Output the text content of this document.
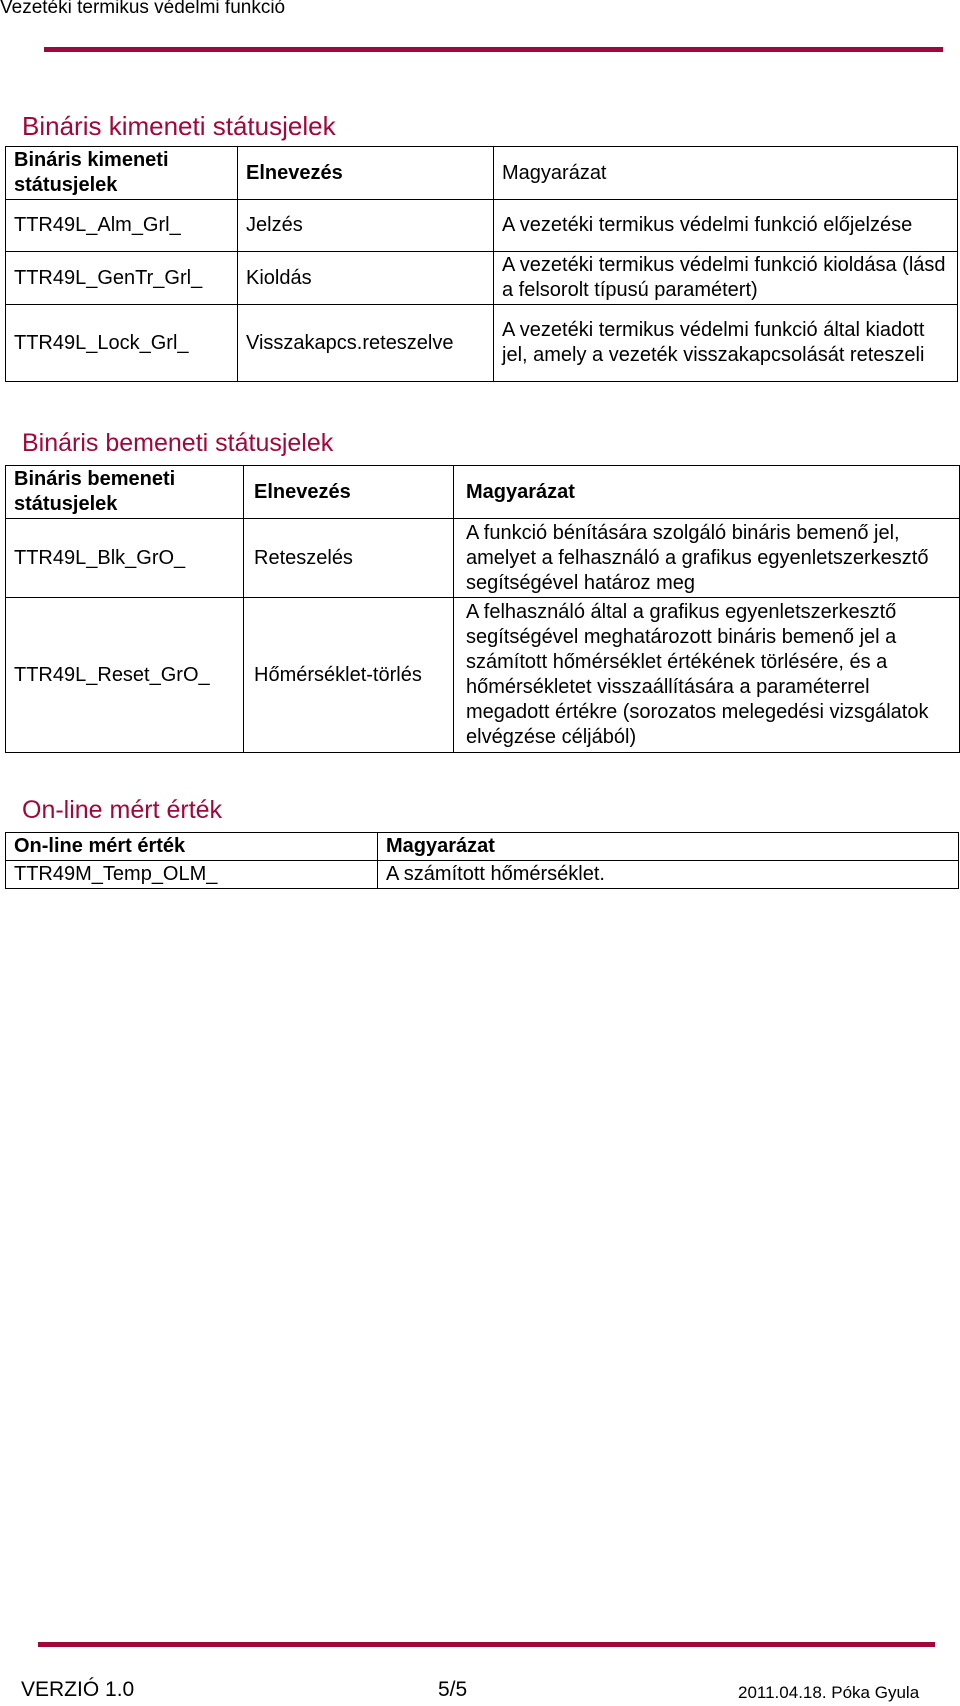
Vezetéki termikus védelmi funkció
Bináris kimeneti státusjelek
Bináris kimeneti státusjelek	Elnevezés	Magyarázat
TTR49L_Alm_Grl_	Jelzés	A vezetéki termikus védelmi funkció előjelzése
TTR49L_GenTr_Grl_	Kioldás	A vezetéki termikus védelmi funkció kioldása (lásd a felsorolt típusú paramétert)
TTR49L_Lock_Grl_	Visszakapcs.reteszelve	A vezetéki termikus védelmi funkció által kiadott jel, amely a vezeték visszakapcsolását reteszeli
Bináris bemeneti státusjelek
Bináris bemeneti státusjelek	Elnevezés	Magyarázat
TTR49L_Blk_GrO_	Reteszelés	A funkció bénítására szolgáló bináris bemenő jel, amelyet a felhasználó a grafikus egyenletszerkesztő segítségével határoz meg
TTR49L_Reset_GrO_	Hőmérséklet-törlés	A felhasználó által a grafikus egyenletszerkesztő segítségével meghatározott bináris bemenő jel a számított hőmérséklet értékének törlésére, és a hőmérsékletet visszaállítására a paraméterrel megadott értékre (sorozatos melegedési vizsgálatok elvégzése céljából)
On-line mért érték
On-line mért érték	Magyarázat
TTR49M_Temp_OLM_	A számított hőmérséklet.
VERZIÓ 1.0	5/5	2011.04.18. Póka Gyula
